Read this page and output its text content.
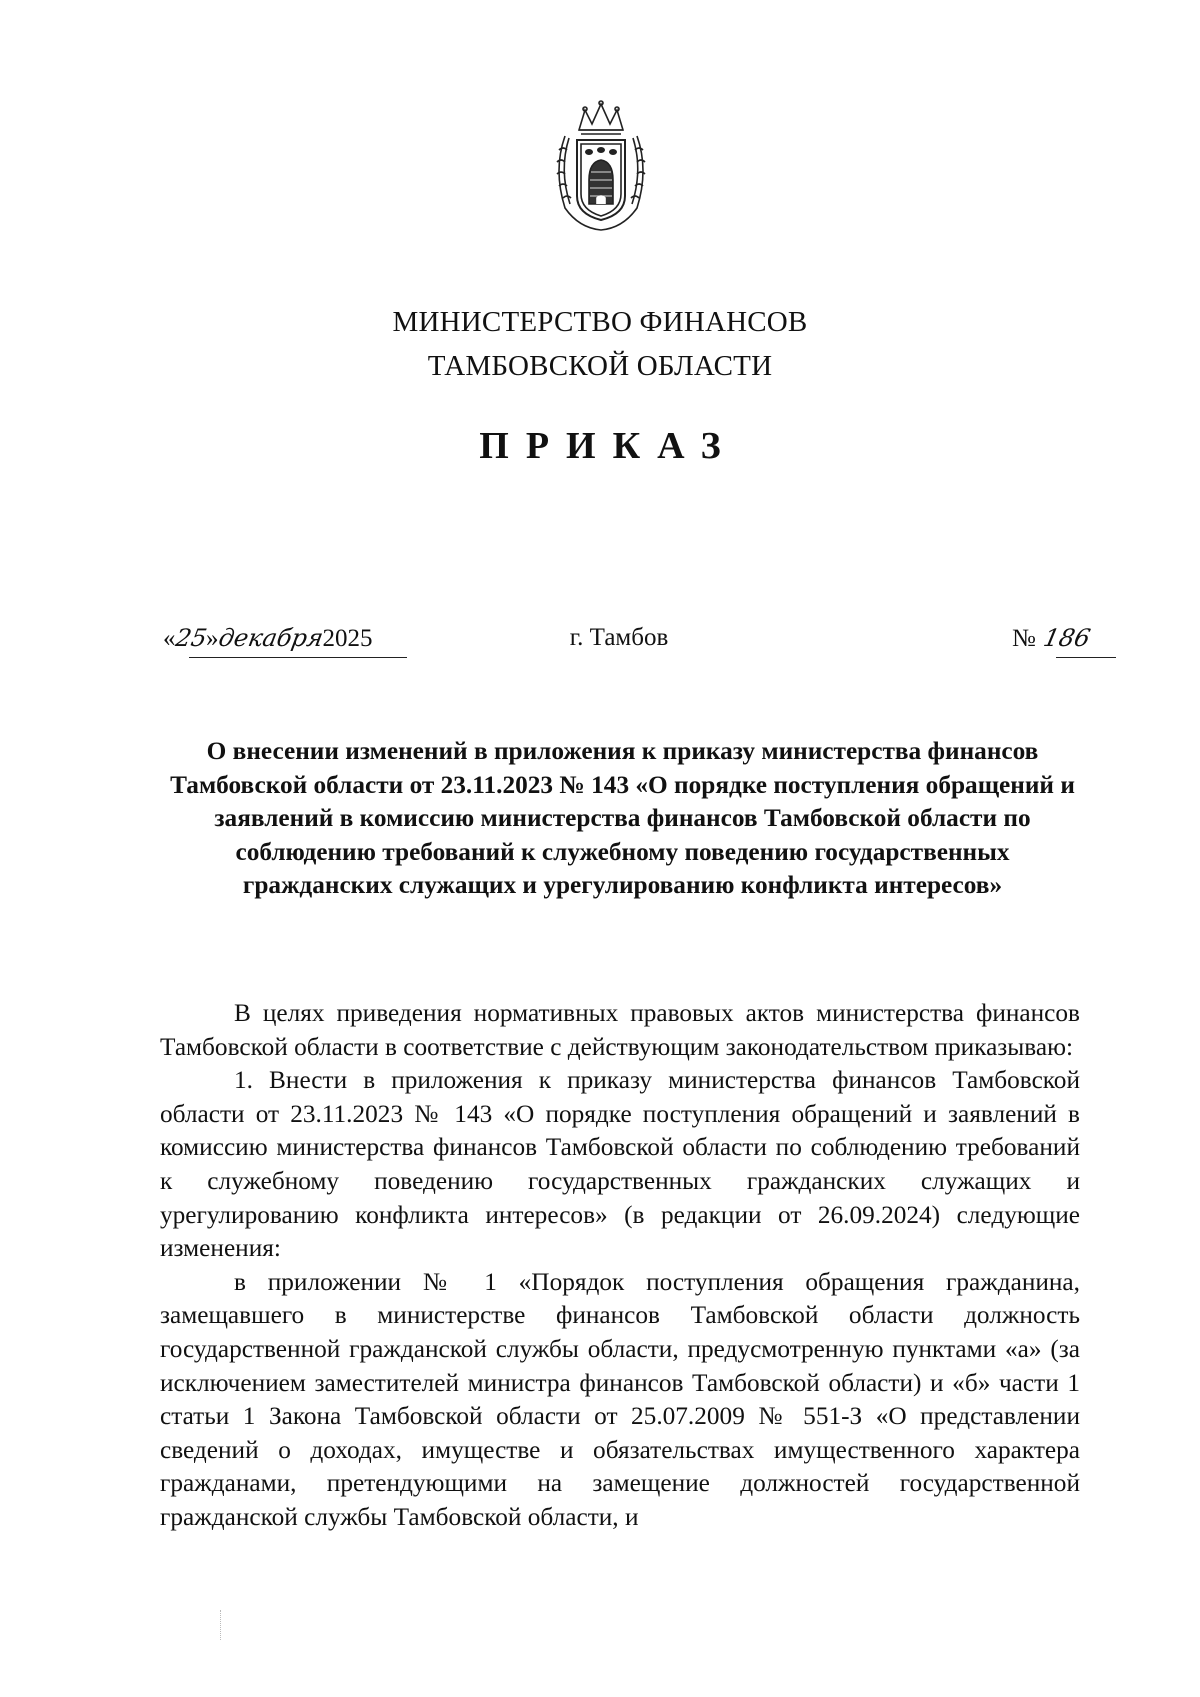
МИНИСТЕРСТВО ФИНАНСОВ
ТАМБОВСКОЙ ОБЛАСТИ
ПРИКАЗ
«25»декабря2025	г. Тамбов	№ 186
О внесении изменений в приложения к приказу министерства финансов Тамбовской области от 23.11.2023 № 143 «О порядке поступления обращений и заявлений в комиссию министерства финансов Тамбовской области по соблюдению требований к служебному поведению государственных гражданских служащих и урегулированию конфликта интересов»

В целях приведения нормативных правовых актов министерства финансов Тамбовской области в соответствие с действующим законодательством приказываю:

1. Внести в приложения к приказу министерства финансов Тамбовской области от 23.11.2023 № 143 «О порядке поступления обращений и заявлений в комиссию министерства финансов Тамбовской области по соблюдению требований к служебному поведению государственных гражданских служащих и урегулированию конфликта интересов» (в редакции от 26.09.2024) следующие изменения:

в приложении № 1 «Порядок поступления обращения гражданина, замещавшего в министерстве финансов Тамбовской области должность государственной гражданской службы области, предусмотренную пунктами «а» (за исключением заместителей министра финансов Тамбовской области) и «б» части 1 статьи 1 Закона Тамбовской области от 25.07.2009 № 551-З «О представлении сведений о доходах, имуществе и обязательствах имущественного характера гражданами, претендующими на замещение должностей государственной гражданской службы Тамбовской области, и
